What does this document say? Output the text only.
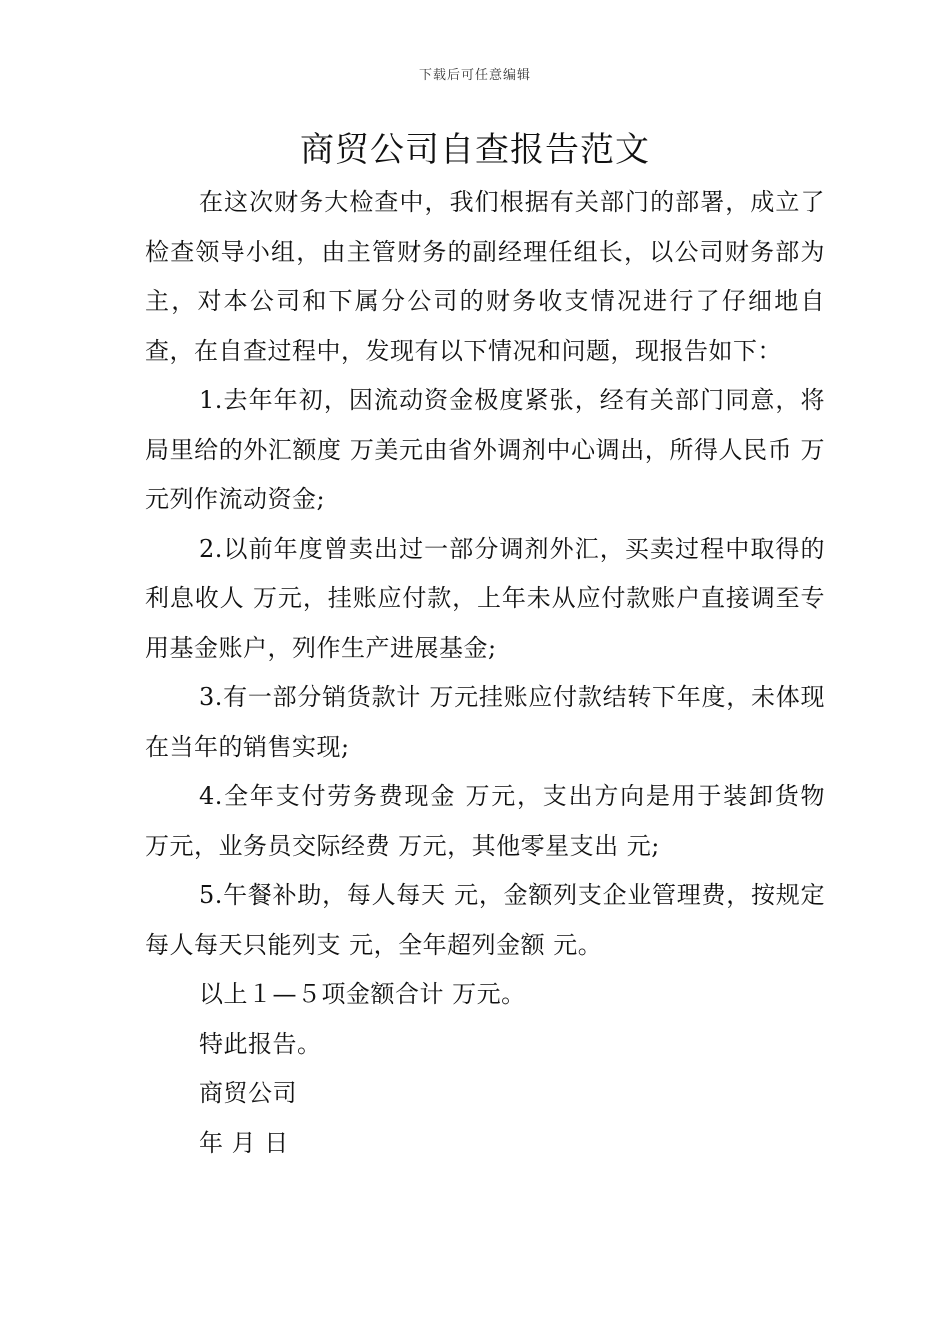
下载后可任意编辑
商贸公司自查报告范文

在这次财务大检查中，我们根据有关部门的部署，成立了检查领导小组，由主管财务的副经理任组长，以公司财务部为主，对本公司和下属分公司的财务收支情况进行了仔细地自查，在自查过程中，发现有以下情况和问题，现报告如下：

1.去年年初，因流动资金极度紧张，经有关部门同意，将局里给的外汇额度 万美元由省外调剂中心调出，所得人民币 万元列作流动资金;

2.以前年度曾卖出过一部分调剂外汇，买卖过程中取得的利息收人 万元，挂账应付款，上年未从应付款账户直接调至专用基金账户，列作生产进展基金;

3.有一部分销货款计 万元挂账应付款结转下年度，未体现在当年的销售实现;

4.全年支付劳务费现金 万元，支出方向是用于装卸货物 万元，业务员交际经费 万元，其他零星支出 元;

5.午餐补助，每人每天 元，金额列支企业管理费，按规定每人每天只能列支 元，全年超列金额 元。

以上１—５项金额合计 万元。

特此报告。

商贸公司

年 月 日
